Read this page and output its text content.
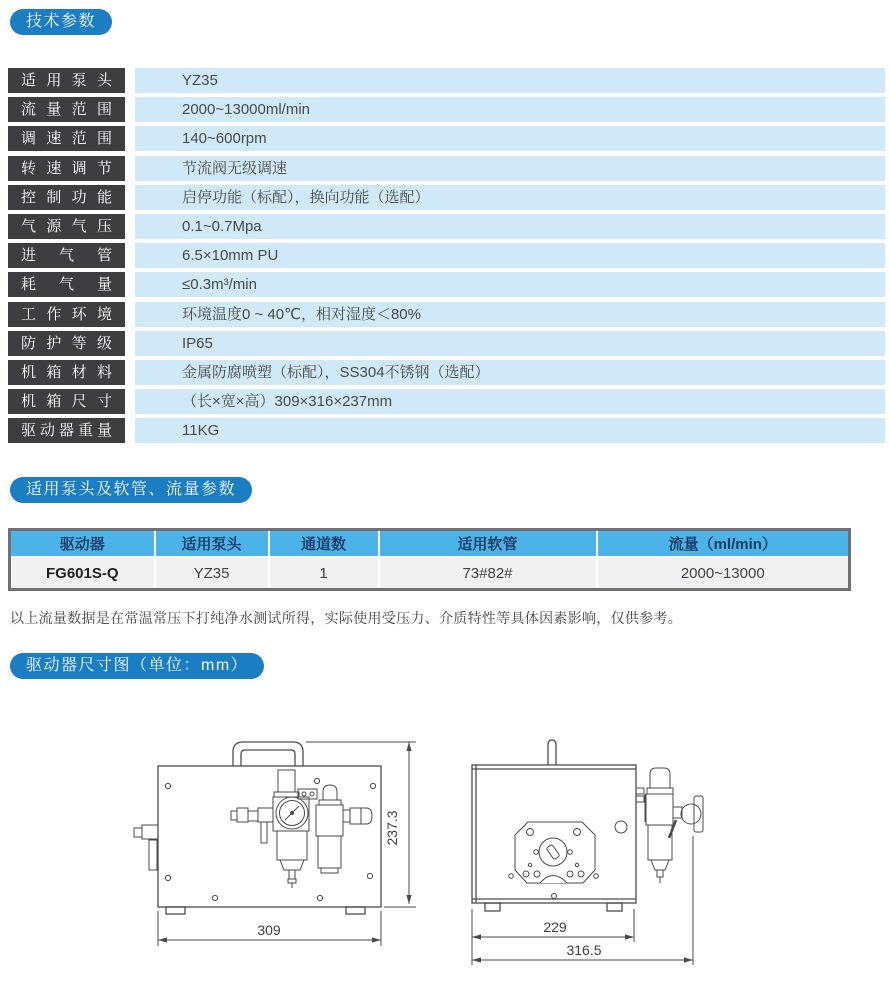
技术参数
适用泵头	YZ35
流量范围	2000~13000ml/min
调速范围	140~600rpm
转速调节	节流阀无级调速
控制功能	启停功能（标配），换向功能（选配）
气源气压	0.1~0.7Mpa
进气管	6.5×10mm PU
耗气量	≤0.3m³/min
工作环境	环境温度0 ~ 40℃，相对湿度＜80%
防护等级	IP65
机箱材料	金属防腐喷塑（标配），SS304不锈钢（选配）
机箱尺寸	（长×宽×高）309×316×237mm
驱动器重量	11KG
适用泵头及软管、流量参数
驱动器	适用泵头	通道数	适用软管	流量（ml/min）
FG601S-Q	YZ35	1	73#82#	2000~13000
以上流量数据是在常温常压下打纯净水测试所得，实际使用受压力、介质特性等具体因素影响，仅供参考。
驱动器尺寸图（单位：mm）
237.3
309	229
316.5
